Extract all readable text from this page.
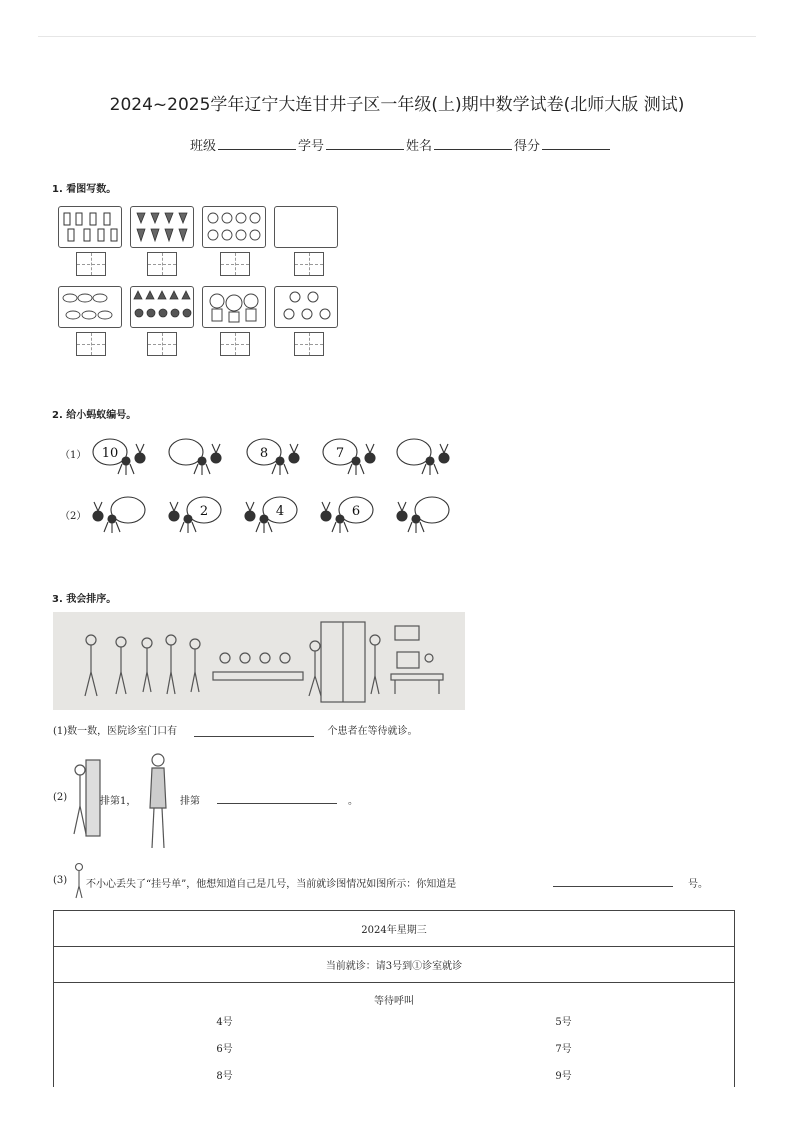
2024~2025学年辽宁大连甘井子区一年级(上)期中数学试卷(北师大版 测试)
班级	学号	姓名	得分
1. 看图写数。
2. 给小蚂蚁编号。
（1）
（2）
3. 我会排序。
(1)数一数，医院诊室门口有	个患者在等待就诊。
(2)	排第1，	排第	。
(3) 不小心丢失了“挂号单”，他想知道自己是几号，当前就诊图情况如图所示：你知道是	号。
2024年星期三
当前就诊：请3号到①诊室就诊

等待呼叫
4号	5号
6号	7号
8号	9号
10	8	7
2	4	6
